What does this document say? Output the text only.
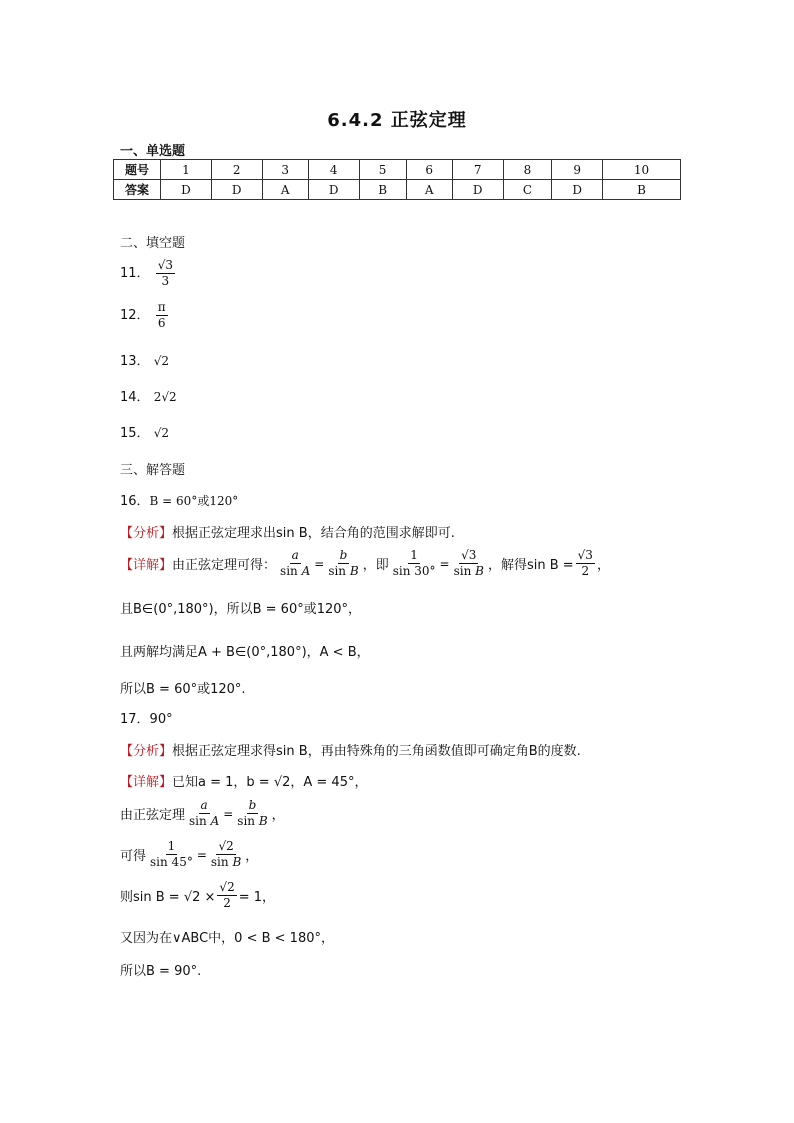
6.4.2 正弦定理
一、单选题
题号	1	2	3	4	5	6	7	8	9	10
答案	D	D	A	D	B	A	D	C	D	B
二、填空题
11． $\frac{√3}{3}$
12． $\frac{\pi}{6}$
13． √2
14． 2√2
15． √2
三、解答题
16．B = 60°或120°
【分析】根据正弦定理求出sin B，结合角的范围求解即可.
【详解】 由正弦定理可得： $\frac{a}{\text{sin A}} = \frac{b}{\text{sin B}}$ ，即 $\frac{1}{\sin 30^\circ} = \frac{√3}{\text{sin B}}$ ，解得$\sin B = \frac{√3}{2}$ ，
且B∈(0°,180°)，所以B = 60°或120°，
且两解均满足A + B∈(0°,180°)，A < B，
所以B = 60°或120°.
17．90°
【分析】根据正弦定理求得sin B，再由特殊角的三角函数值即可确定角B的度数.
【详解】已知a = 1，b = √2，A = 45°，
由正弦定理 $\frac{a}{\text{sin A}} = \frac{b}{\text{sin B}}$ ，
可得 $\frac{1}{\sin 45^\circ} = \frac{√2}{\text{sin B}}$ ，
则$\sin B = √2 \times \frac{√2}{2} = 1$，
又因为在∨ABC中，0 < B < 180°，
所以B = 90°.
